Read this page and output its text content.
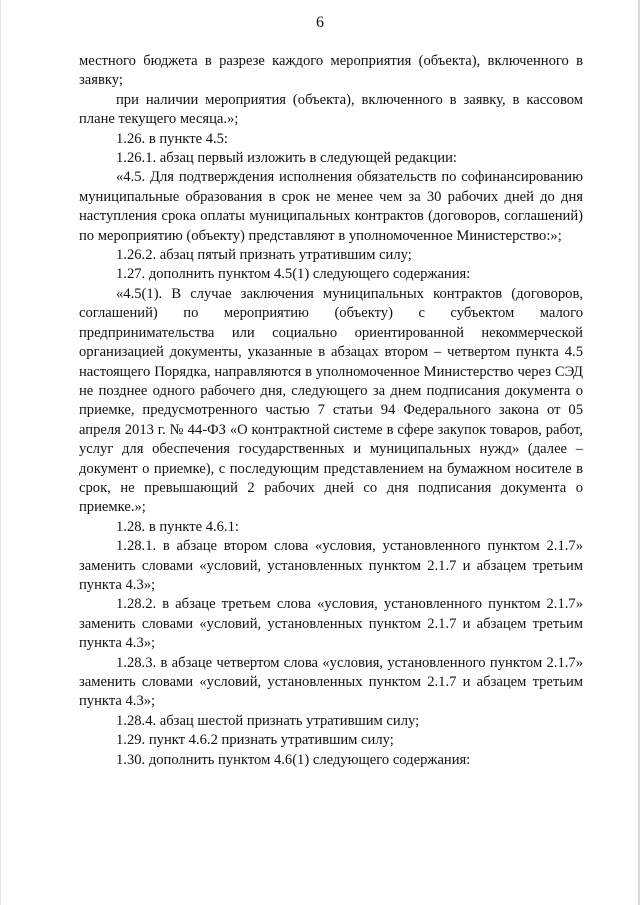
6

местного бюджета в разрезе каждого мероприятия (объекта), включенного в заявку;

при наличии мероприятия (объекта), включенного в заявку, в кассовом плане текущего месяца.»;

1.26. в пункте 4.5:

1.26.1. абзац первый изложить в следующей редакции:

«4.5. Для подтверждения исполнения обязательств по софинансированию муниципальные образования в срок не менее чем за 30 рабочих дней до дня наступления срока оплаты муниципальных контрактов (договоров, соглашений) по мероприятию (объекту) представляют в уполномоченное Министерство:»;

1.26.2. абзац пятый признать утратившим силу;

1.27. дополнить пунктом 4.5(1) следующего содержания:

«4.5(1). В случае заключения муниципальных контрактов (договоров, соглашений) по мероприятию (объекту) с субъектом малого предпринимательства или социально ориентированной некоммерческой организацией документы, указанные в абзацах втором – четвертом пункта 4.5 настоящего Порядка, направляются в уполномоченное Министерство через СЭД не позднее одного рабочего дня, следующего за днем подписания документа о приемке, предусмотренного частью 7 статьи 94 Федерального закона от 05 апреля 2013 г. № 44-ФЗ «О контрактной системе в сфере закупок товаров, работ, услуг для обеспечения государственных и муниципальных нужд» (далее – документ о приемке), с последующим представлением на бумажном носителе в срок, не превышающий 2 рабочих дней со дня подписания документа о приемке.»;

1.28. в пункте 4.6.1:

1.28.1. в абзаце втором слова «условия, установленного пунктом 2.1.7» заменить словами «условий, установленных пунктом 2.1.7 и абзацем третьим пункта 4.3»;

1.28.2. в абзаце третьем слова «условия, установленного пунктом 2.1.7» заменить словами «условий, установленных пунктом 2.1.7 и абзацем третьим пункта 4.3»;

1.28.3. в абзаце четвертом слова «условия, установленного пунктом 2.1.7» заменить словами «условий, установленных пунктом 2.1.7 и абзацем третьим пункта 4.3»;

1.28.4. абзац шестой признать утратившим силу;

1.29. пункт 4.6.2 признать утратившим силу;

1.30. дополнить пунктом 4.6(1) следующего содержания:
